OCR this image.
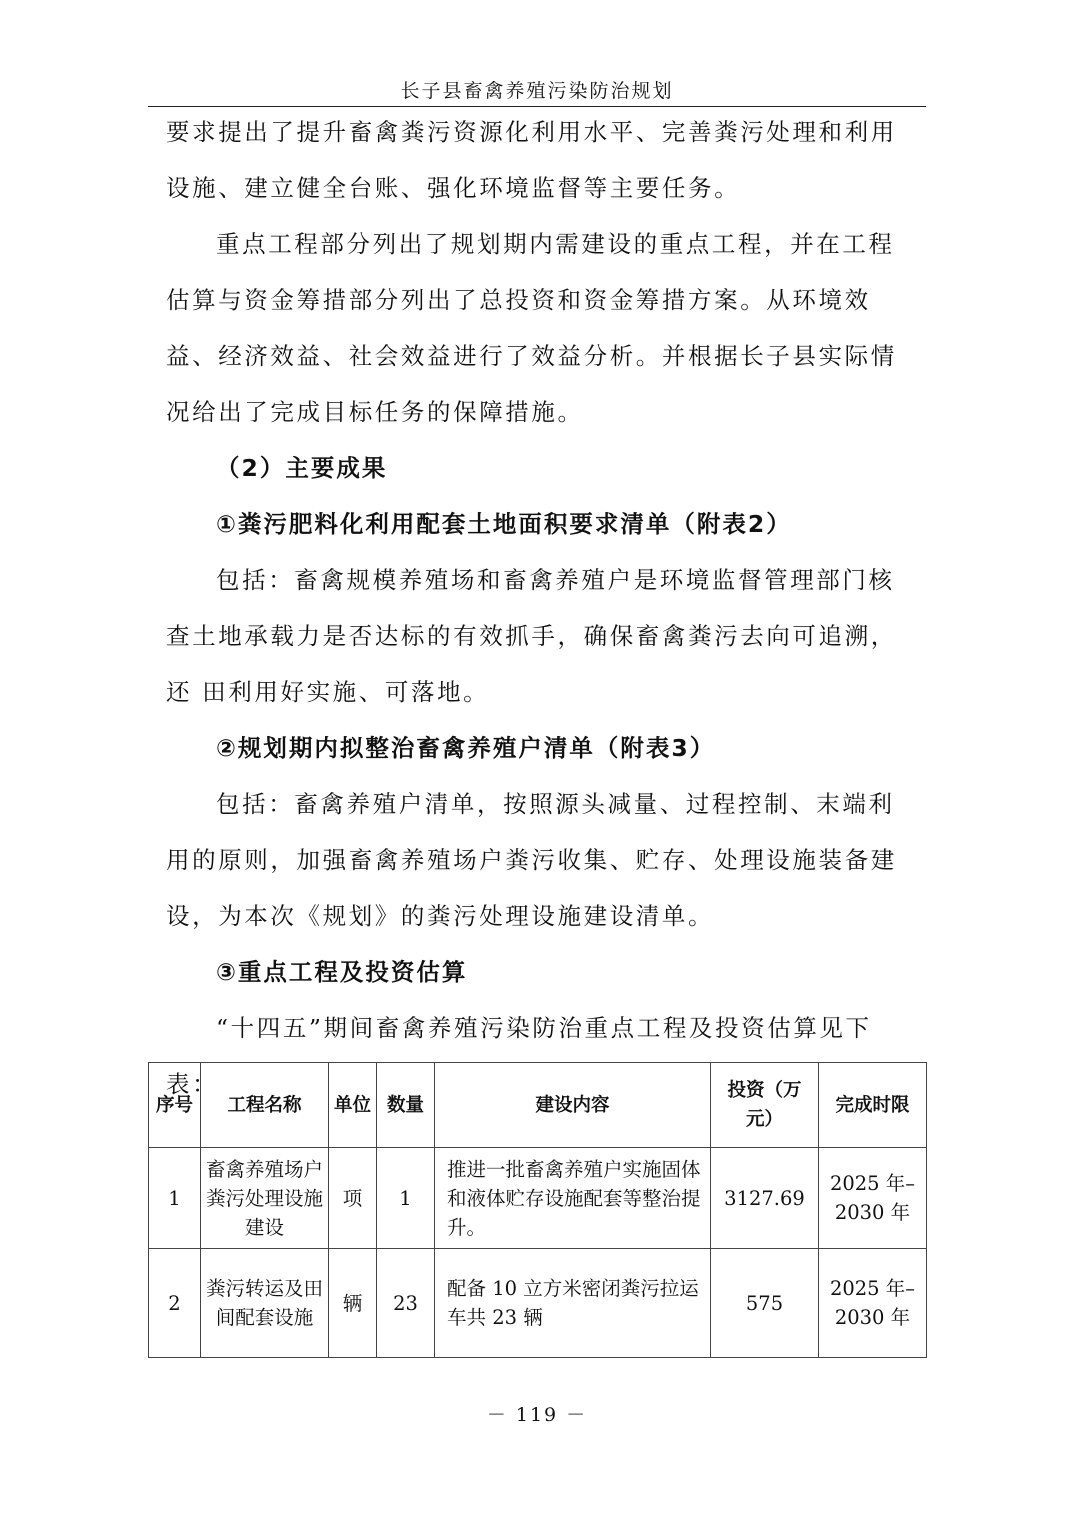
长子县畜禽养殖污染防治规划

要求提出了提升畜禽粪污资源化利用水平、完善粪污处理和利用设施、建立健全台账、强化环境监督等主要任务。

重点工程部分列出了规划期内需建设的重点工程，并在工程估算与资金筹措部分列出了总投资和资金筹措方案。从环境效益、经济效益、社会效益进行了效益分析。并根据长子县实际情况给出了完成目标任务的保障措施。

（2）主要成果

①粪污肥料化利用配套土地面积要求清单（附表2）

包括：畜禽规模养殖场和畜禽养殖户是环境监督管理部门核查土地承载力是否达标的有效抓手，确保畜禽粪污去向可追溯，还 田利用好实施、可落地。

②规划期内拟整治畜禽养殖户清单（附表3）

包括：畜禽养殖户清单，按照源头减量、过程控制、末端利用的原则，加强畜禽养殖场户粪污收集、贮存、处理设施装备建设，为本次《规划》的粪污处理设施建设清单。

③重点工程及投资估算

“十四五”期间畜禽养殖污染防治重点工程及投资估算见下表：

序号	工程名称	单位	数量	建设内容	投资（万元）	完成时限
1	畜禽养殖场户粪污处理设施建设	项	1	推进一批畜禽养殖户实施固体和液体贮存设施配套等整治提升。	3127.69	2025 年–2030 年
2	粪污转运及田间配套设施	辆	23	配备 10 立方米密闭粪污拉运车共 23 辆	575	2025 年–2030 年
－ 119 －
